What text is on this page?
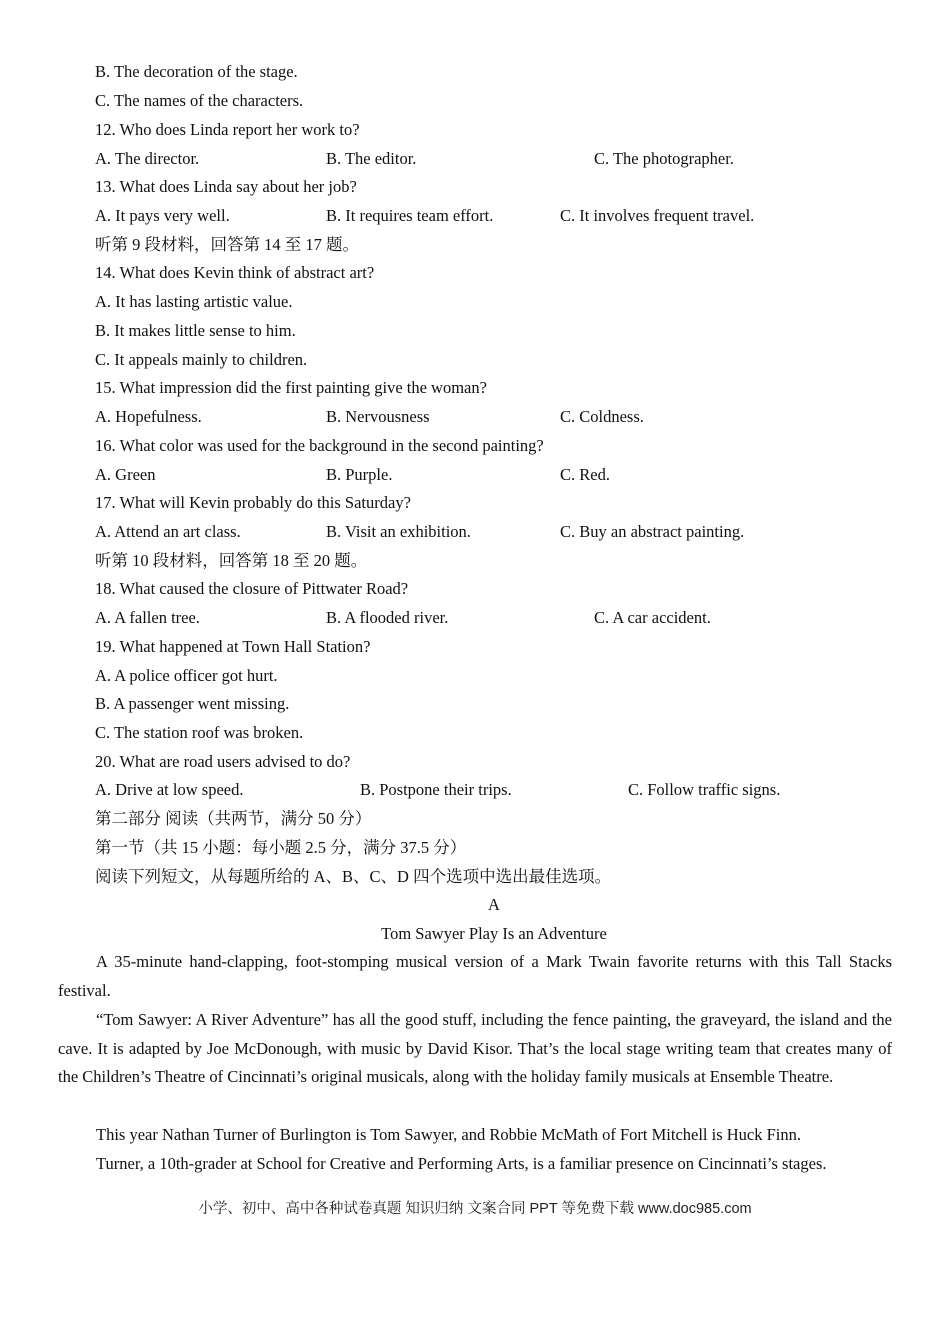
B. The decoration of the stage.
C. The names of the characters.
12. Who does Linda report her work to?
A. The director.	B. The editor.	C. The photographer.
13. What does Linda say about her job?
A. It pays very well.	B. It requires team effort.	C. It involves frequent travel.
听第 9 段材料，回答第 14 至 17 题。
14. What does Kevin think of abstract art?
A. It has lasting artistic value.
B. It makes little sense to him.
C. It appeals mainly to children.
15. What impression did the first painting give the woman?
A. Hopefulness.	B. Nervousness	C. Coldness.
16. What color was used for the background in the second painting?
A. Green	B. Purple.	C. Red.
17. What will Kevin probably do this Saturday?
A. Attend an art class.	B. Visit an exhibition.	C. Buy an abstract painting.
听第 10 段材料，回答第 18 至 20 题。
18. What caused the closure of Pittwater Road?
A. A fallen tree.	B. A flooded river.	C. A car accident.
19. What happened at Town Hall Station?
A. A police officer got hurt.
B. A passenger went missing.
C. The station roof was broken.
20. What are road users advised to do?
A. Drive at low speed.	B. Postpone their trips.	C. Follow traffic signs.
第二部分 阅读（共两节，满分 50 分）
第一节（共 15 小题：每小题 2.5 分，满分 37.5 分）
阅读下列短文，从每题所给的 A、B、C、D 四个选项中选出最佳选项。
A
Tom Sawyer Play Is an Adventure
A 35-minute hand-clapping, foot-stomping musical version of a Mark Twain favorite returns with this Tall Stacks festival.
“Tom Sawyer: A River Adventure” has all the good stuff, including the fence painting, the graveyard, the island and the cave. It is adapted by Joe McDonough, with music by David Kisor. That’s the local stage writing team that creates many of the Children’s Theatre of Cincinnati’s original musicals, along with the holiday family musicals at Ensemble Theatre.
This year Nathan Turner of Burlington is Tom Sawyer, and Robbie McMath of Fort Mitchell is Huck Finn.
Turner, a 10th-grader at School for Creative and Performing Arts, is a familiar presence on Cincinnati’s stages.
小学、初中、高中各种试卷真题 知识归纳 文案合同 PPT 等免费下载 www.doc985.com
